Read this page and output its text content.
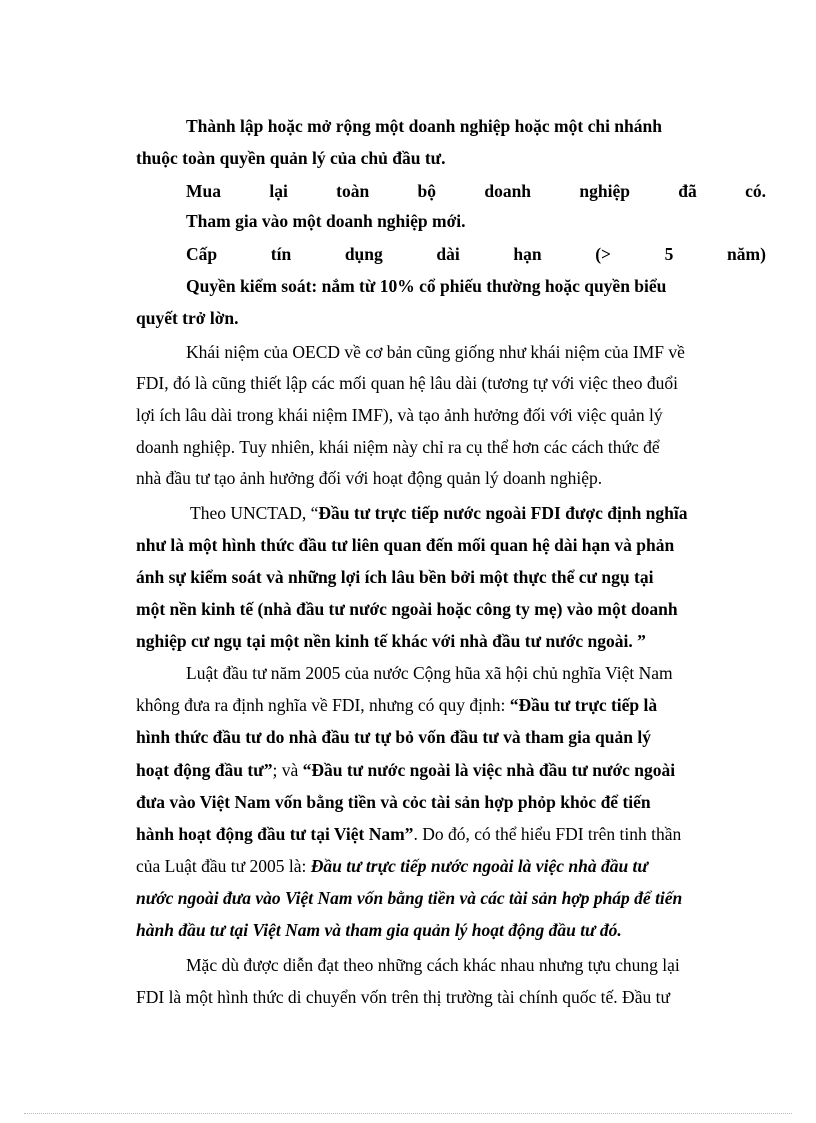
Thành lập hoặc mở rộng một doanh nghiệp hoặc một chi nhánh
thuộc toàn quyền quản lý của chủ đầu tư.
Mua	lại	toàn	bộ	doanh	nghiệp	đã	có.
Tham gia vào một doanh nghiệp mới.
Cấp	tín	dụng	dài	hạn	(>	5	năm)
Quyền kiểm soát: nắm từ 10% cổ phiếu thường hoặc quyền biểu
quyết trở lờn.
Khái niệm của OECD về cơ bản cũng giống như khái niệm của IMF về
FDI, đó là cũng thiết lập các mối quan hệ lâu dài (tương tự với việc theo đuổi
lợi ích lâu dài trong khái niệm IMF), và tạo ảnh hưởng đối với việc quản lý
doanh nghiệp. Tuy nhiên, khái niệm này chỉ ra cụ thể hơn các cách thức để
nhà đầu tư tạo ảnh hưởng đối với hoạt động quản lý doanh nghiệp.
Theo UNCTAD, “Đầu tư trực tiếp nước ngoài FDI được định nghĩa
như là một hình thức đầu tư liên quan đến mối quan hệ dài hạn và phản
ánh sự kiểm soát và những lợi ích lâu bền bởi một thực thể cư ngụ tại
một nền kinh tế (nhà đầu tư nước ngoài hoặc công ty mẹ) vào một doanh
nghiệp cư ngụ tại một nền kinh tế khác với nhà đầu tư nước ngoài. ”
Luật đầu tư năm 2005 của nước Cộng hũa xã hội chủ nghĩa Việt Nam
không đưa ra định nghĩa về FDI, nhưng có quy định: “Đầu tư trực tiếp là
hình thức đầu tư do nhà đầu tư tự bỏ vốn đầu tư và tham gia quản lý
hoạt động đầu tư”; và “Đầu tư nước ngoài là việc nhà đầu tư nước ngoài
đưa vào Việt Nam vốn bằng tiền và cỏc tài sản hợp phỏp khỏc để tiến
hành hoạt động đầu tư tại Việt Nam”. Do đó, có thể hiểu FDI trên tinh thần
của Luật đầu tư 2005 là: Đầu tư trực tiếp nước ngoài là việc nhà đầu tư
nước ngoài đưa vào Việt Nam vốn bằng tiền và các tài sản hợp pháp để tiến
hành đầu tư tại Việt Nam và tham gia quản lý hoạt động đầu tư đó.
Mặc dù được diễn đạt theo những cách khác nhau nhưng tựu chung lại
FDI là một hình thức di chuyển vốn trên thị trường tài chính quốc tế. Đầu tư
